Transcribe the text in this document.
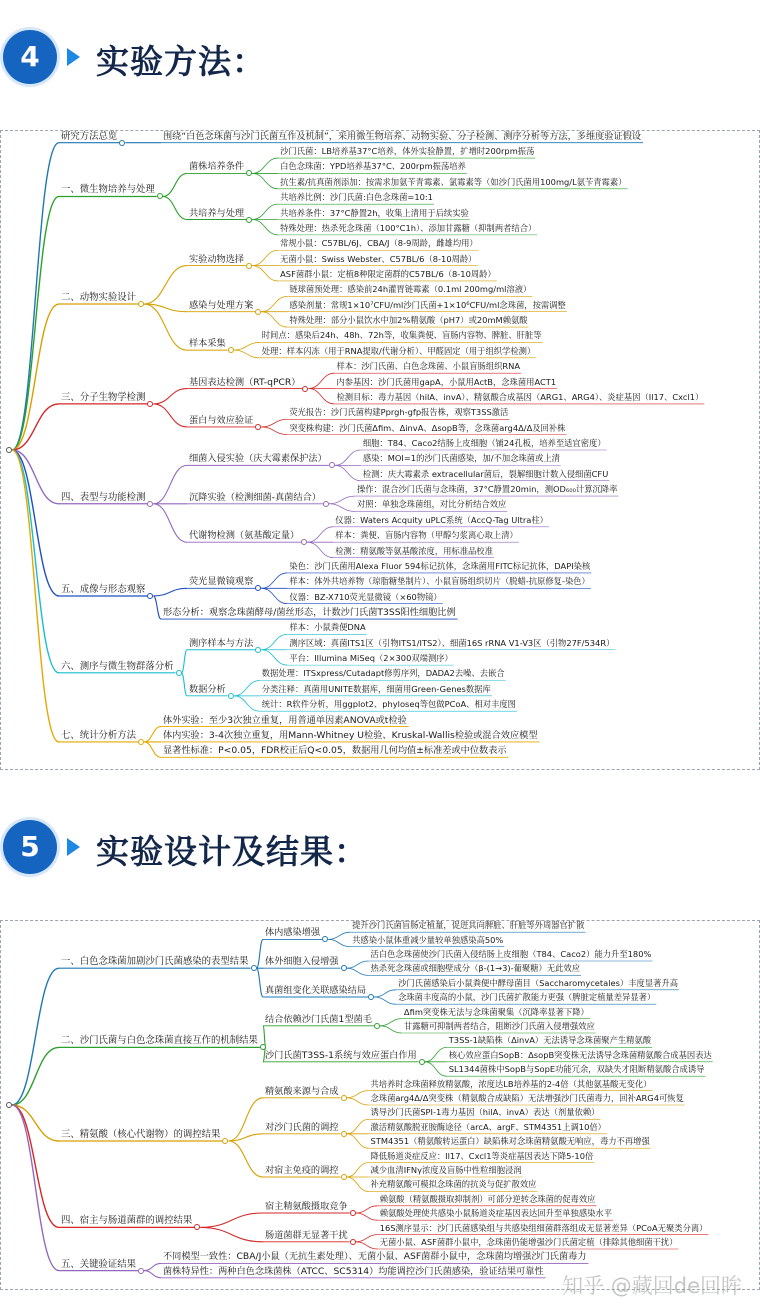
4	实验方法：
研究方法总览	围绕“白色念珠菌与沙门氏菌互作及机制”，采用微生物培养、动物实验、分子检测、测序分析等方法，多维度验证假设
一、微生物培养与处理
菌株培养条件
沙门氏菌：LB培养基37°C培养，体外实验静置，扩增时200rpm振荡
白色念珠菌：YPD培养基37°C、200rpm振荡培养
抗生素/抗真菌剂添加：按需求加氨苄青霉素、氯霉素等（如沙门氏菌用100mg/L氨苄青霉素）
共培养与处理
共培养比例：沙门氏菌:白色念珠菌=10:1
共培养条件：37°C静置2h，收集上清用于后续实验
特殊处理：热杀死念珠菌（100°C1h）、添加甘露糖（抑制两者结合）
二、动物实验设计
实验动物选择
常规小鼠：C57BL/6J、CBA/J（8-9周龄，雌雄均用）
无菌小鼠：Swiss Webster、C57BL/6（8-10周龄）
ASF菌群小鼠：定植8种限定菌群的C57BL/6（8-10周龄）
感染与处理方案
链球菌预处理：感染前24h灌胃链霉素（0.1ml 200mg/ml溶液）
感染剂量：常规1×10⁷CFU/ml沙门氏菌+1×10⁶CFU/ml念珠菌，按需调整
特殊处理：部分小鼠饮水中加2%精氨酸（pH7）或20mM赖氨酸
样本采集
时间点：感染后24h、48h、72h等，收集粪便、盲肠内容物、脾脏、肝脏等
处理：样本闪冻（用于RNA提取/代谢分析）、甲醛固定（用于组织学检测）
三、分子生物学检测
基因表达检测（RT-qPCR）
样本：沙门氏菌、白色念珠菌、小鼠盲肠组织RNA
内参基因：沙门氏菌用gapA，小鼠用ActB，念珠菌用ACT1
检测目标：毒力基因（hilA、invA）、精氨酸合成基因（ARG1、ARG4）、炎症基因（Il17、Cxcl1）
蛋白与效应验证
荧光报告：沙门氏菌构建Pprgh-gfp报告株，观察T3SS激活
突变株构建：沙门氏菌Δfim、ΔinvA、ΔsopB等，念珠菌arg4Δ/Δ及回补株
四、表型与功能检测
细菌入侵实验（庆大霉素保护法）
细胞：T84、Caco2结肠上皮细胞（铺24孔板，培养至适宜密度）
感染：MOI=1的沙门氏菌感染，加/不加念珠菌或上清
检测：庆大霉素杀 extracellular菌后，裂解细胞计数入侵细菌CFU
沉降实验（检测细菌-真菌结合）
操作：混合沙门氏菌与念珠菌，37°C静置20min，测OD₆₀₀计算沉降率
对照：单独念珠菌组，对比分析结合效应
代谢物检测（氨基酸定量）
仪器：Waters Acquity uPLC系统（AccQ-Tag Ultra柱）
样本：粪便、盲肠内容物（甲醇匀浆离心取上清）
检测：精氨酸等氨基酸浓度，用标准品校准
五、成像与形态观察
荧光显微镜观察
染色：沙门氏菌用Alexa Fluor 594标记抗体，念珠菌用FITC标记抗体，DAPI染核
样本：体外共培养物（琼脂糖垫制片）、小鼠盲肠组织切片（脱蜡-抗原修复-染色）
仪器：BZ-X710荧光显微镜（×60物镜）
形态分析：观察念珠菌酵母/菌丝形态，计数沙门氏菌T3SS阳性细胞比例
六、测序与微生物群落分析
测序样本与方法
样本：小鼠粪便DNA
测序区域：真菌ITS1区（引物ITS1/ITS2）、细菌16S rRNA V1-V3区（引物27F/534R）
平台：Illumina MiSeq（2×300双端测序）
数据分析
数据处理：ITSxpress/Cutadapt修剪序列，DADA2去噪、去嵌合
分类注释：真菌用UNITE数据库，细菌用Green-Genes数据库
统计：R软件分析，用ggplot2、phyloseq等包做PCoA、相对丰度图
七、统计分析方法
体外实验：至少3次独立重复，用普通单因素ANOVA或t检验
体内实验：3-4次独立重复，用Mann-Whitney U检验、Kruskal-Wallis检验或混合效应模型
显著性标准：P<0.05，FDR校正后Q<0.05，数据用几何均值±标准差或中位数表示
5	实验设计及结果：
一、白色念珠菌加剧沙门氏菌感染的表型结果
体内感染增强
提升沙门氏菌盲肠定植量，促进其向脾脏、肝脏等外周器官扩散
共感染小鼠体重减少量较单独感染高50%
体外细胞入侵增强
活白色念珠菌使沙门氏菌入侵结肠上皮细胞（T84、Caco2）能力升至180%
热杀死念珠菌或细胞壁成分（β-(1→3)-葡聚糖）无此效应
真菌组变化关联感染结局
沙门氏菌感染后小鼠粪便中酵母菌目（Saccharomycetales）丰度显著升高
念珠菌丰度高的小鼠，沙门氏菌扩散能力更强（脾脏定植量差异显著）
二、沙门氏菌与白色念珠菌直接互作的机制结果
结合依赖沙门氏菌1型菌毛
Δfim突变株无法与念珠菌聚集（沉降率显著下降）
甘露糖可抑制两者结合，阻断沙门氏菌入侵增强效应
沙门氏菌T3SS-1系统与效应蛋白作用
T3SS-1缺陷株（ΔinvA）无法诱导念珠菌聚产生精氨酸
核心效应蛋白SopB：ΔsopB突变株无法诱导念珠菌精氨酸合成基因表达
SL1344菌株中SopB与SopE功能冗余，双缺失才阻断精氨酸合成诱导
三、精氨酸（核心代谢物）的调控结果
精氨酸来源与合成
共培养时念珠菌释放精氨酸，浓度达LB培养基的2-4倍（其他氨基酸无变化）
念珠菌arg4Δ/Δ突变株（精氨酸合成缺陷）无法增强沙门氏菌毒力，回补ARG4可恢复
对沙门氏菌的调控
诱导沙门氏菌SPI-1毒力基因（hilA、invA）表达（剂量依赖）
激活精氨酸脱亚胺酶途径（arcA、argF、STM4351上调10倍）
STM4351（精氨酸转运蛋白）缺陷株对念珠菌精氨酸无响应，毒力不再增强
对宿主免疫的调控
降低肠道炎症反应：Il17、Cxcl1等炎症基因表达下降5-10倍
减少血清IFNγ浓度及盲肠中性粒细胞浸润
补充精氨酸可模拟念珠菌的抗炎与促扩散效应
四、宿主与肠道菌群的调控结果
宿主精氨酸摄取竞争
赖氨酸（精氨酸摄取抑制剂）可部分逆转念珠菌的促毒效应
赖氨酸处理使共感染小鼠肠道炎症基因表达回升至单独感染水平
肠道菌群无显著干扰
16S测序显示：沙门氏菌感染组与共感染组细菌群落组成无显著差异（PCoA无聚类分离）
无菌小鼠、ASF菌群小鼠中，念珠菌仍能增强沙门氏菌定植（排除其他细菌干扰）
五、关键验证结果
不同模型一致性：CBA/J小鼠（无抗生素处理）、无菌小鼠、ASF菌群小鼠中，念珠菌均增强沙门氏菌毒力
菌株特异性：两种白色念珠菌株（ATCC、SC5314）均能调控沙门氏菌感染，验证结果可靠性
知乎 @藏回de回眸
